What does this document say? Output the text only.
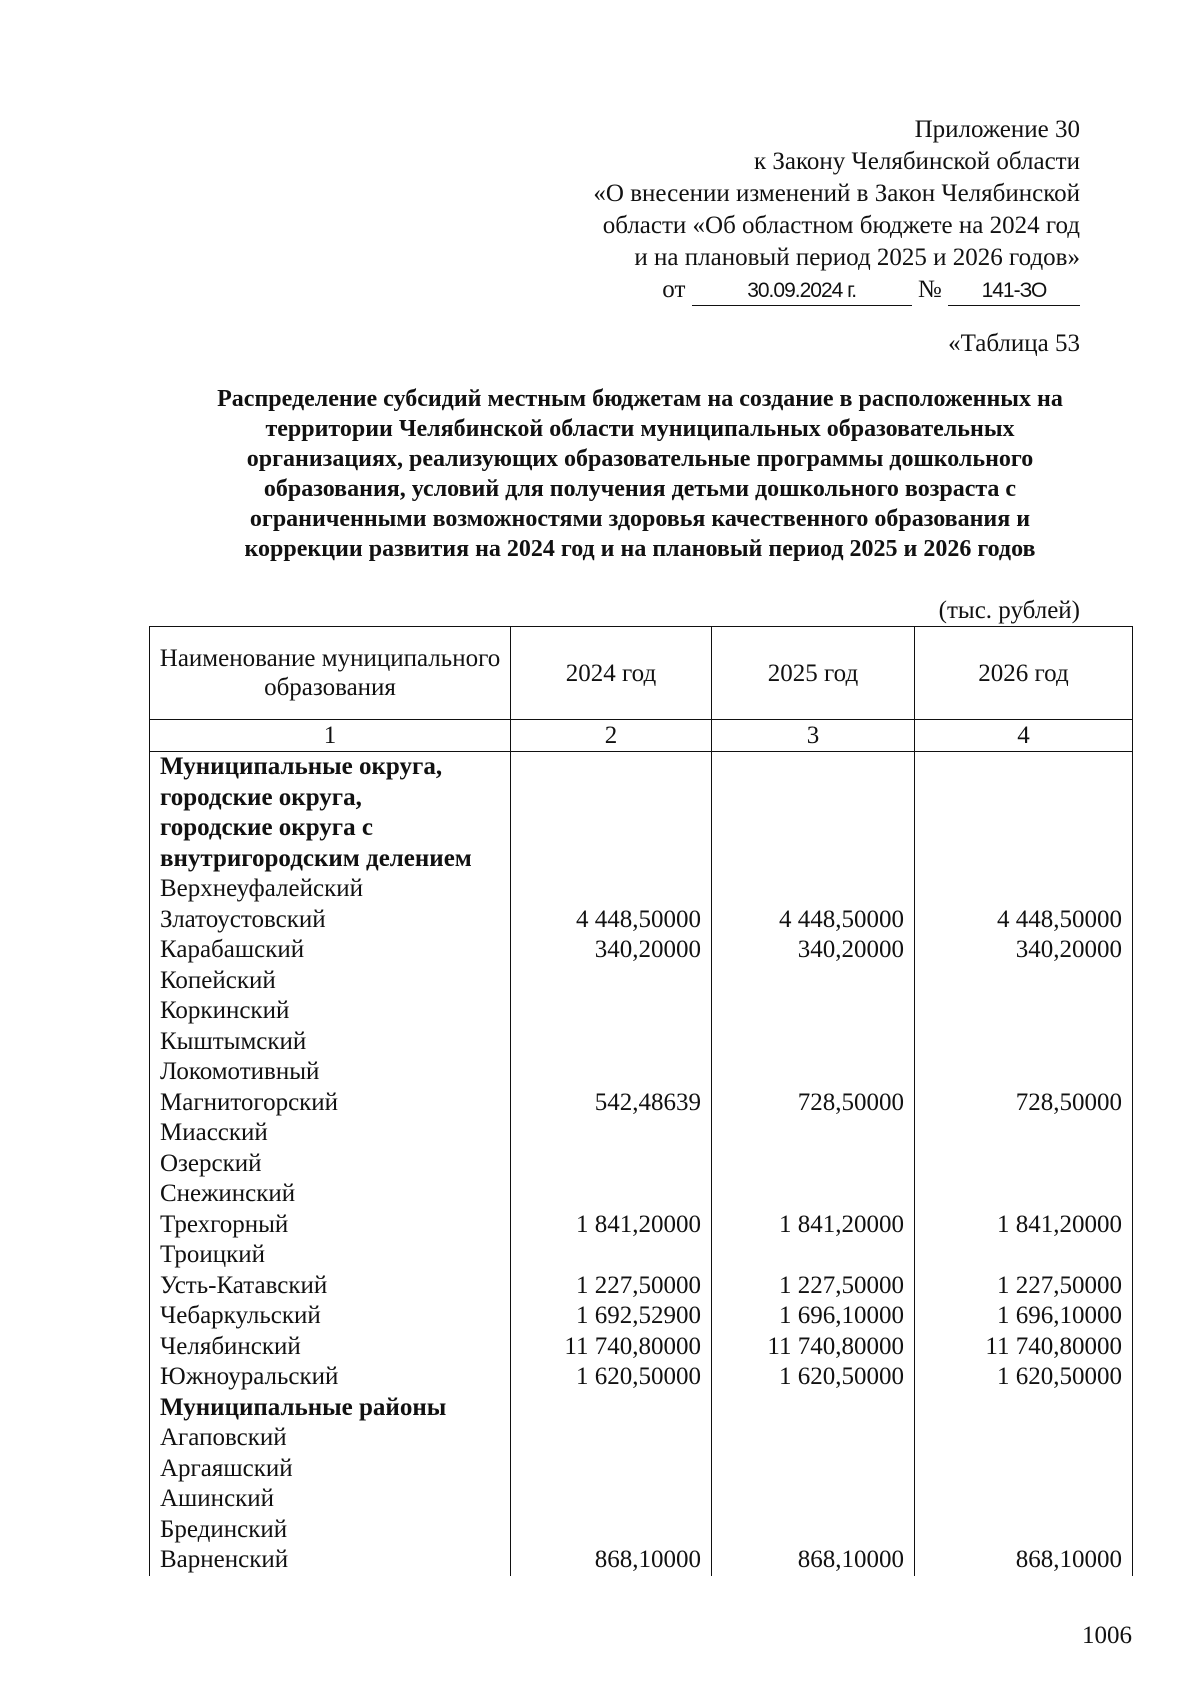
Приложение 30
к Закону Челябинской области
«О внесении изменений в Закон Челябинской
области «Об областном бюджете на 2024 год
и на плановый период 2025 и 2026 годов»
от	30.09.2024 г. № 141-ЗО
«Таблица 53
Распределение субсидий местным бюджетам на создание в расположенных на
территории Челябинской области муниципальных образовательных
организациях, реализующих образовательные программы дошкольного
образования, условий для получения детьми дошкольного возраста с
ограниченными возможностями здоровья качественного образования и
коррекции развития на 2024 год и на плановый период 2025 и 2026 годов
(тыс. рублей)
Наименование муниципального образования	2024 год	2025 год	2026 год
1	2	3	4
Муниципальные округа,			
городские округа,			
городские округа с			
внутригородским делением			
Верхнеуфалейский			
Златоустовский	4 448,50000	4 448,50000	4 448,50000
Карабашский	340,20000	340,20000	340,20000
Копейский			
Коркинский			
Кыштымский			
Локомотивный			
Магнитогорский	542,48639	728,50000	728,50000
Миасский			
Озерский			
Снежинский			
Трехгорный	1 841,20000	1 841,20000	1 841,20000
Троицкий			
Усть-Катавский	1 227,50000	1 227,50000	1 227,50000
Чебаркульский	1 692,52900	1 696,10000	1 696,10000
Челябинский	11 740,80000	11 740,80000	11 740,80000
Южноуральский	1 620,50000	1 620,50000	1 620,50000
Муниципальные районы			
Агаповский			
Аргаяшский			
Ашинский			
Брединский			
Варненский	868,10000	868,10000	868,10000
1006
